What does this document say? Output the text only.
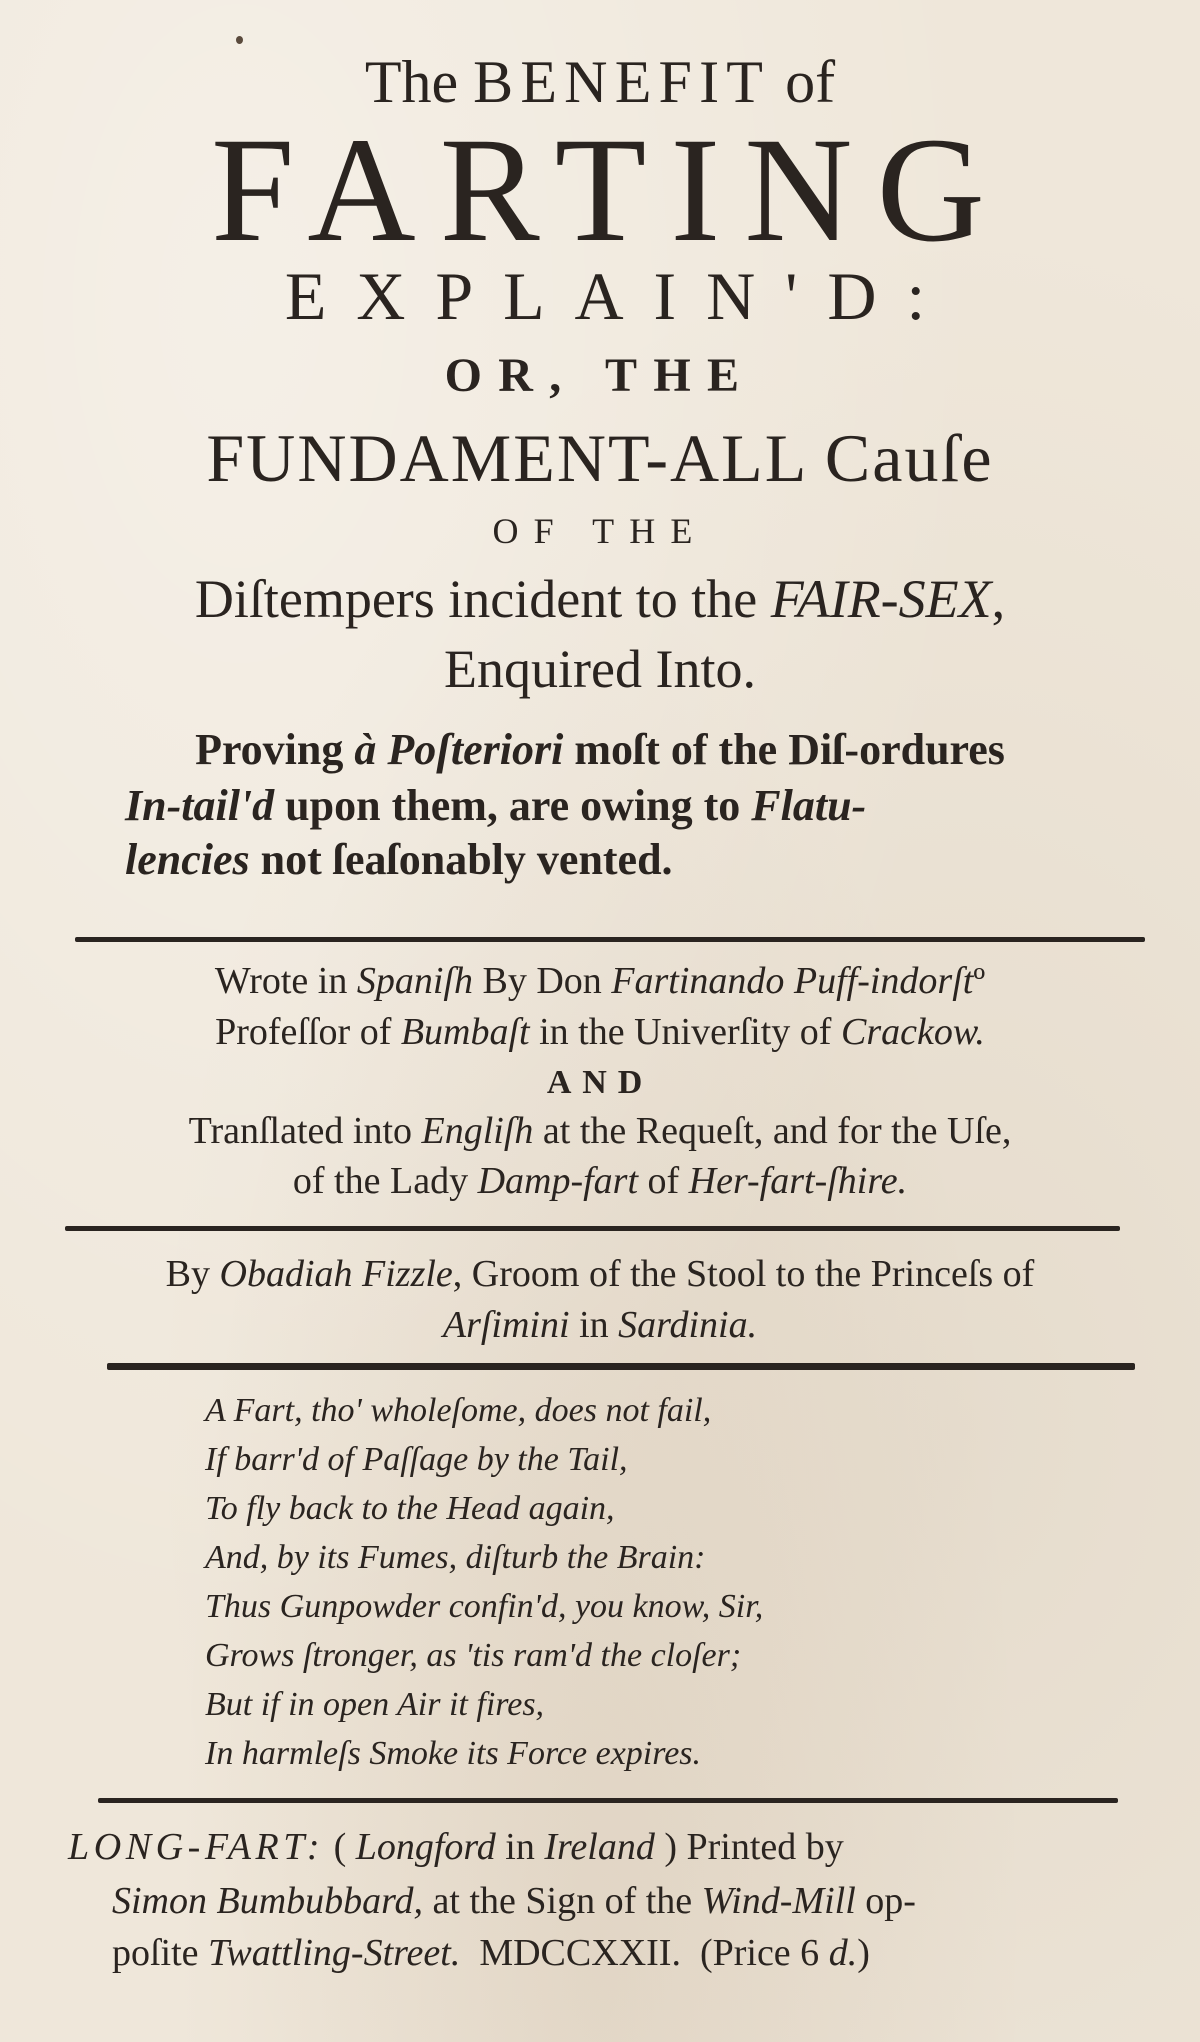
The BENEFIT of
FARTING
EXPLAIN'D:
OR, THE
FUNDAMENT-ALL Cauſe
OF THE
Diſtempers incident to the FAIR-SEX,
Enquired Into.
Proving à Poſteriori moſt of the Diſ-ordures
In-tail'd upon them, are owing to Flatu-
lencies not ſeaſonably vented.
Wrote in Spaniſh By Don Fartinando Puff-indorſtº
Profeſſor of Bumbaſt in the Univerſity of Crackow.
AND
Tranſlated into Engliſh at the Requeſt, and for the Uſe,
of the Lady Damp-fart of Her-fart-ſhire.
By Obadiah Fizzle, Groom of the Stool to the Princeſs of
Arſimini in Sardinia.
A Fart, tho' wholeſome, does not fail,
If barr'd of Paſſage by the Tail,
To fly back to the Head again,
And, by its Fumes, diſturb the Brain:
Thus Gunpowder confin'd, you know, Sir,
Grows ſtronger, as 'tis ram'd the cloſer;
But if in open Air it fires,
In harmleſs Smoke its Force expires.
LONG-FART: ( Longford in Ireland ) Printed by
Simon Bumbubbard, at the Sign of the Wind-Mill op-
poſite Twattling-Street.  MDCCXXII.  (Price 6 d.)
